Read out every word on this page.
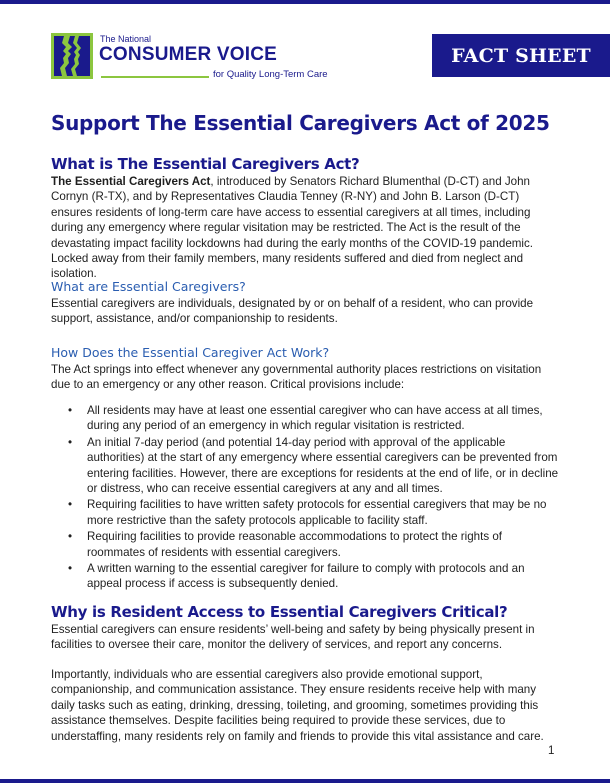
The National
CONSUMER VOICE
for Quality Long-Term Care
FACT SHEET
Support The Essential Caregivers Act of 2025
What is The Essential Caregivers Act?

The Essential Caregivers Act, introduced by Senators Richard Blumenthal (D-CT) and John Cornyn (R-TX), and by Representatives Claudia Tenney (R-NY) and John B. Larson (D-CT) ensures residents of long-term care have access to essential caregivers at all times, including during any emergency where regular visitation may be restricted. The Act is the result of the devastating impact facility lockdowns had during the early months of the COVID-19 pandemic. Locked away from their family members, many residents suffered and died from neglect and isolation.

What are Essential Caregivers?

Essential caregivers are individuals, designated by or on behalf of a resident, who can provide support, assistance, and/or companionship to residents.

How Does the Essential Caregiver Act Work?

The Act springs into effect whenever any governmental authority places restrictions on visitation due to an emergency or any other reason. Critical provisions include:

• All residents may have at least one essential caregiver who can have access at all times, during any period of an emergency in which regular visitation is restricted.
• An initial 7-day period (and potential 14-day period with approval of the applicable authorities) at the start of any emergency where essential caregivers can be prevented from entering facilities. However, there are exceptions for residents at the end of life, or in decline or distress, who can receive essential caregivers at any and all times.
• Requiring facilities to have written safety protocols for essential caregivers that may be no more restrictive than the safety protocols applicable to facility staff.
• Requiring facilities to provide reasonable accommodations to protect the rights of roommates of residents with essential caregivers.
• A written warning to the essential caregiver for failure to comply with protocols and an appeal process if access is subsequently denied.
Why is Resident Access to Essential Caregivers Critical?

Essential caregivers can ensure residents’ well-being and safety by being physically present in facilities to oversee their care, monitor the delivery of services, and report any concerns.

Importantly, individuals who are essential caregivers also provide emotional support, companionship, and communication assistance. They ensure residents receive help with many daily tasks such as eating, drinking, dressing, toileting, and grooming, sometimes providing this assistance themselves. Despite facilities being required to provide these services, due to understaffing, many residents rely on family and friends to provide this vital assistance and care.

1
